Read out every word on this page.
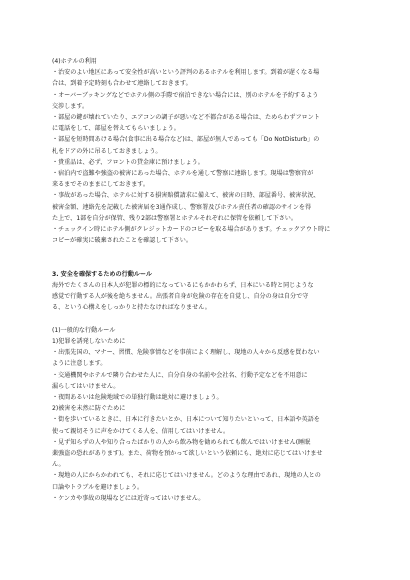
(4)ホテルの利用
・治安のよい地区にあって安全性が高いという評判のあるホテルを利用します。到着が遅くなる場
合は、到着予定時刻も合わせて連絡しておきます。
・オーバーブッキングなどでホテル側の手際で宿泊できない場合には、別のホテルを予約するよう
交渉します。
・部屋の鍵が壊れていたり、エアコンの調子が悪いなど不都合がある場合は、ためらわずフロント
に電話をして、部屋を替えてもらいましょう。
・部屋を短時間あける場合(食事に出る場合など)は、部屋が無人であっても「Do NotDisturb」の
札をドアの外に吊るしておきましょう。
・貴重品は、必ず、フロントの貸金庫に預けましょう。
・宿泊内で盗難や強盗の被害にあった場合、ホテルを通して警察に連絡します。現場は警察官が
来るまでそのままにしておきます。
・事故があった場合、ホテルに対する損害賠償請求に備えて、被害の日時、部屋番号、被害状況、
被害金額、連絡先を記載した被害届を3通作成し、警察署及びホテル責任者の確認のサインを得
た上で、1部を自分が保管、残り2部は警察署とホテルそれぞれに保管を依頼して下さい。
・チェックイン時にホテル側がクレジットカードのコピーを取る場合があります。チェックアウト時に
コピーが確実に破棄されたことを確認して下さい。
3. 安全を確保するための行動ルール
海外でたくさんの日本人が犯罪の標的になっているにもかかわらず、日本にいる時と同じような
感覚で行動する人が後を絶ちません。出張者自身が危険の存在を自覚し、自分の身は自分で守
る、という心構えをしっかりと持たなければなりません。
(1)一般的な行動ルール
1)犯罪を誘発しないために
・出張先国の、マナー、習慣、危険事情などを事前によく理解し、現地の人々から反感を買わない
ように注意します。
・交通機関やホテルで隣り合わせた人に、自分自身の名前や会社名、行動予定などを不用意に
漏らしてはいけません。
・夜間あるいは危険地域での単独行動は絶対に避けましょう。
2)被害を未然に防ぐために
・街を歩いているときに、日本に行きたいとか、日本について知りたいといって、日本語や英語を
使って親切そうに声をかけてくる人を、信用してはいけません。
・見ず知らずの人や知り合ったばかりの人から飲み物を勧められても飲んではいけません(睡眠
薬強盗の恐れがあります)。また、荷物を預かって欲しいという依頼にも、絶対に応じてはいけませ
ん。
・現地の人にからかわれても、それに応じてはいけません。どのような理由であれ、現地の人との
口論やトラブルを避けましょう。
・ケンカや事故の現場などには近寄ってはいけません。
